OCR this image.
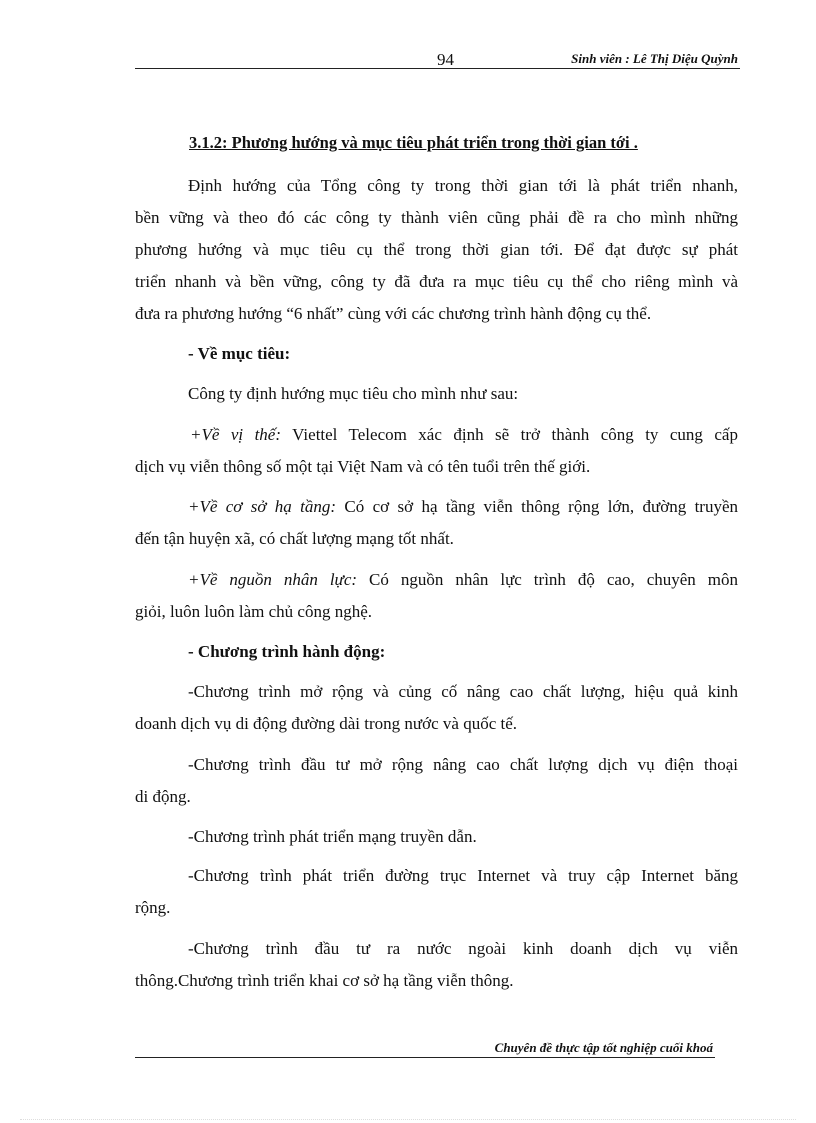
94	Sinh viên : Lê Thị Diệu Quỳnh
3.1.2: Phương hướng và mục tiêu phát triển trong thời gian tới .
Định hướng của Tổng công ty trong thời gian tới là phát triển nhanh,
bền vững và theo đó các công ty thành viên cũng phải đề ra cho mình những
phương hướng và mục tiêu cụ thể trong thời gian tới. Để đạt được sự phát
triển nhanh và bền vững, công ty đã đưa ra mục tiêu cụ thể cho riêng mình và
đưa ra phương hướng “6 nhất” cùng với các chương trình hành động cụ thể.
- Về mục tiêu:
Công ty định hướng mục tiêu cho mình như sau:
+Về vị thế: Viettel Telecom xác định sẽ trở thành công ty cung cấp
dịch vụ viễn thông số một tại Việt Nam và có tên tuổi trên thế giới.
+Về cơ sở hạ tầng: Có cơ sở hạ tầng viễn thông rộng lớn, đường truyền
đến tận huyện xã, có chất lượng mạng tốt nhất.
+Về nguồn nhân lực: Có nguồn nhân lực trình độ cao, chuyên môn
giỏi, luôn luôn làm chủ công nghệ.
- Chương trình hành động:
-Chương trình mở rộng và củng cố nâng cao chất lượng, hiệu quả kinh
doanh dịch vụ di động đường dài trong nước và quốc tế.
-Chương trình đầu tư mở rộng nâng cao chất lượng dịch vụ điện thoại
di động.
-Chương trình phát triển mạng truyền dẫn.
-Chương trình phát triển đường trục Internet và truy cập Internet băng
rộng.
-Chương trình đầu tư ra nước ngoài kinh doanh dịch vụ viễn
thông.Chương trình triển khai cơ sở hạ tầng viễn thông.
Chuyên đề thực tập tốt nghiệp cuối khoá
